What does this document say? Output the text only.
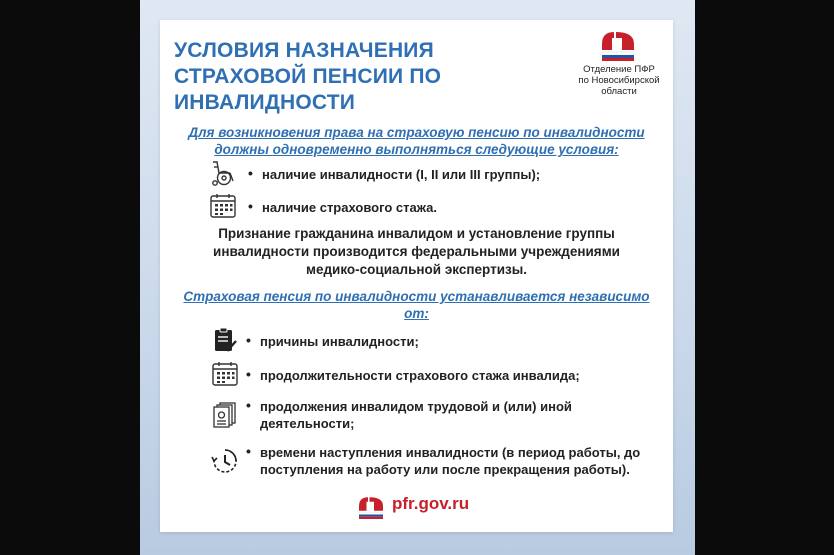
УСЛОВИЯ НАЗНАЧЕНИЯ СТРАХОВОЙ ПЕНСИИ ПО ИНВАЛИДНОСТИ
Отделение ПФР
по Новосибирской
области
Для возникновения права на страховую пенсию по инвалидности
должны одновременно выполняться следующие условия:
• наличие инвалидности (I, II или III группы);
• наличие страхового стажа.
Признание гражданина инвалидом и установление группы
инвалидности производится федеральными учреждениями
медико-социальной экспертизы.
Страховая пенсия по инвалидности устанавливается независимо
от:
• причины инвалидности;
• продолжительности страхового стажа инвалида;
• продолжения инвалидом трудовой и (или) иной
деятельности;
• времени наступления инвалидности (в период работы, до
поступления на работу или после прекращения работы).
pfr.gov.ru
